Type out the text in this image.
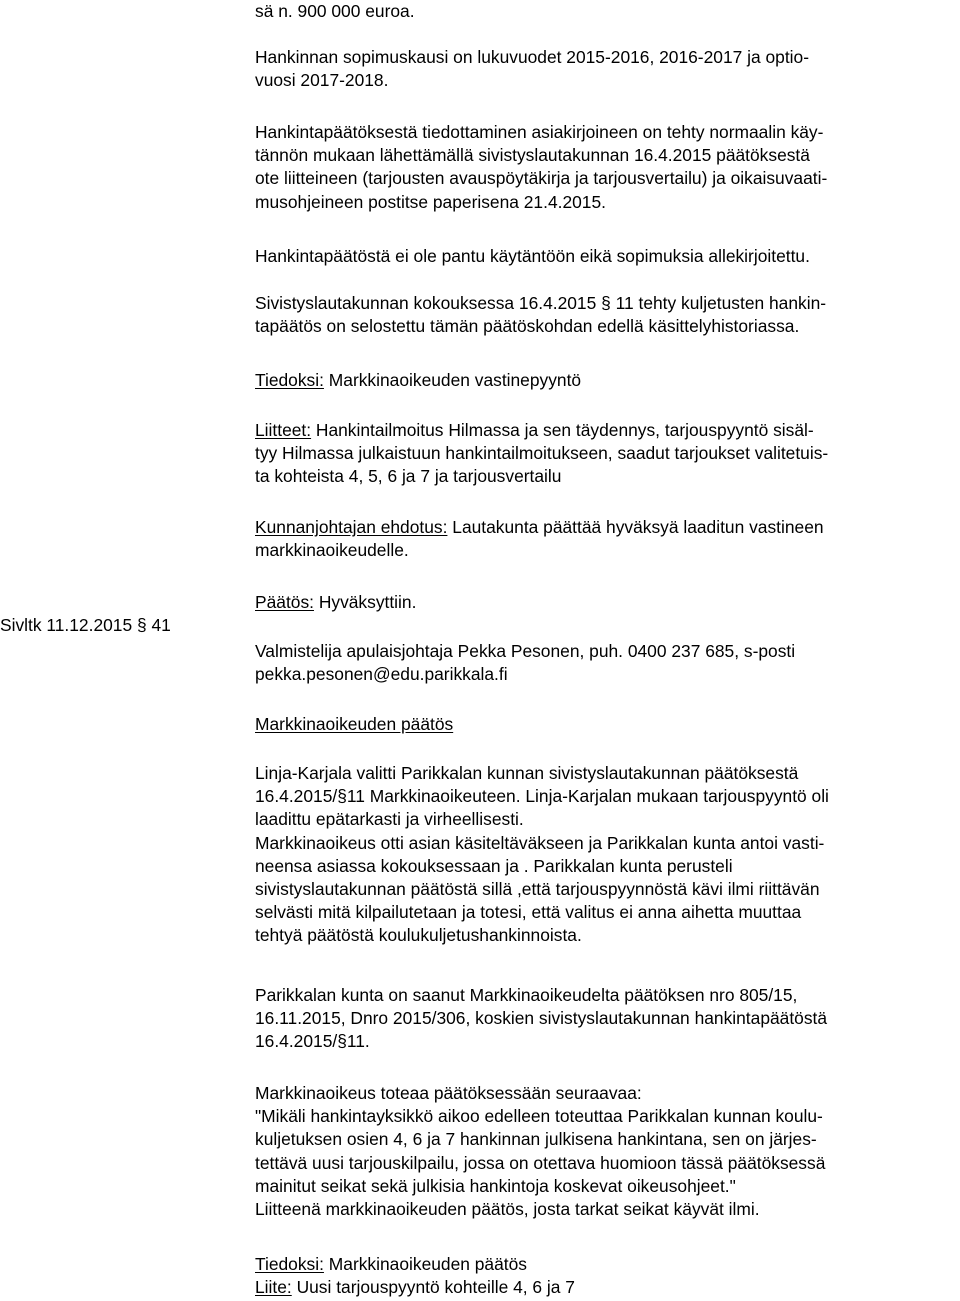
Sivltk 11.12.2015 § 41
sä n. 900 000 euroa.
Hankinnan sopimuskausi on lukuvuodet 2015-2016, 2016-2017 ja optio-
vuosi 2017-2018.
Hankintapäätöksestä tiedottaminen asiakirjoineen on tehty normaalin käy-
tännön mukaan lähettämällä sivistyslautakunnan 16.4.2015 päätöksestä
ote liitteineen (tarjousten avauspöytäkirja ja tarjousvertailu) ja oikaisuvaati-
musohjeineen postitse paperisena 21.4.2015.
Hankintapäätöstä ei ole pantu käytäntöön eikä sopimuksia allekirjoitettu.
Sivistyslautakunnan kokouksessa 16.4.2015 § 11 tehty kuljetusten hankin-
tapäätös on selostettu tämän päätöskohdan edellä käsittelyhistoriassa.
Tiedoksi: Markkinaoikeuden vastinepyyntö
Liitteet: Hankintailmoitus Hilmassa ja sen täydennys, tarjouspyyntö sisäl-
tyy Hilmassa julkaistuun hankintailmoitukseen, saadut tarjoukset valitetuis-
ta kohteista 4, 5, 6 ja 7 ja tarjousvertailu
Kunnanjohtajan ehdotus: Lautakunta päättää hyväksyä laaditun vastineen
markkinaoikeudelle.
Päätös: Hyväksyttiin.
Valmistelija apulaisjohtaja Pekka Pesonen, puh. 0400 237 685, s-posti
pekka.pesonen@edu.parikkala.fi
Markkinaoikeuden päätös
Linja-Karjala valitti Parikkalan kunnan sivistyslautakunnan päätöksestä
16.4.2015/§11 Markkinaoikeuteen. Linja-Karjalan mukaan tarjouspyyntö oli
laadittu epätarkasti ja virheellisesti.
Markkinaoikeus otti asian käsiteltäväkseen ja Parikkalan kunta antoi vasti-
neensa asiassa kokouksessaan ja . Parikkalan kunta perusteli
sivistyslautakunnan päätöstä sillä ,että tarjouspyynnöstä kävi ilmi riittävän
selvästi mitä kilpailutetaan ja totesi, että valitus ei anna aihetta muuttaa
tehtyä päätöstä koulukuljetushankinnoista.
Parikkalan kunta on saanut Markkinaoikeudelta päätöksen nro 805/15,
16.11.2015, Dnro 2015/306, koskien sivistyslautakunnan hankintapäätöstä
16.4.2015/§11.
Markkinaoikeus toteaa päätöksessään seuraavaa:
"Mikäli hankintayksikkö aikoo edelleen toteuttaa Parikkalan kunnan koulu-
kuljetuksen osien 4, 6 ja 7 hankinnan julkisena hankintana, sen on järjes-
tettävä uusi tarjouskilpailu, jossa on otettava huomioon tässä päätöksessä
mainitut seikat sekä julkisia hankintoja koskevat oikeusohjeet."
Liitteenä markkinaoikeuden päätös, josta tarkat seikat käyvät ilmi.
Tiedoksi: Markkinaoikeuden päätös
Liite: Uusi tarjouspyyntö kohteille 4, 6 ja 7
